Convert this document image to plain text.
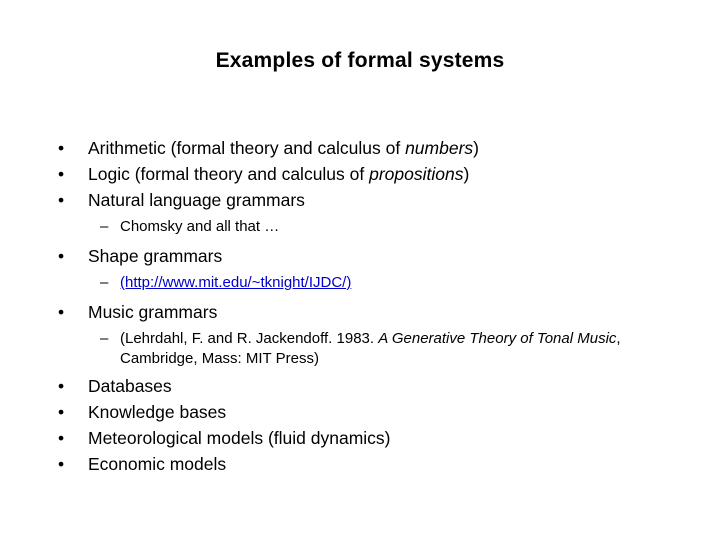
Examples of formal systems
• Arithmetic (formal theory and calculus of numbers)
• Logic (formal theory and calculus of propositions)
• Natural language grammars
– Chomsky and all that …
• Shape grammars
– (http://www.mit.edu/~tknight/IJDC/)
• Music grammars
– (Lehrdahl, F. and R. Jackendoff. 1983. A Generative Theory of Tonal Music, Cambridge, Mass: MIT Press)
• Databases
• Knowledge bases
• Meteorological models (fluid dynamics)
• Economic models
